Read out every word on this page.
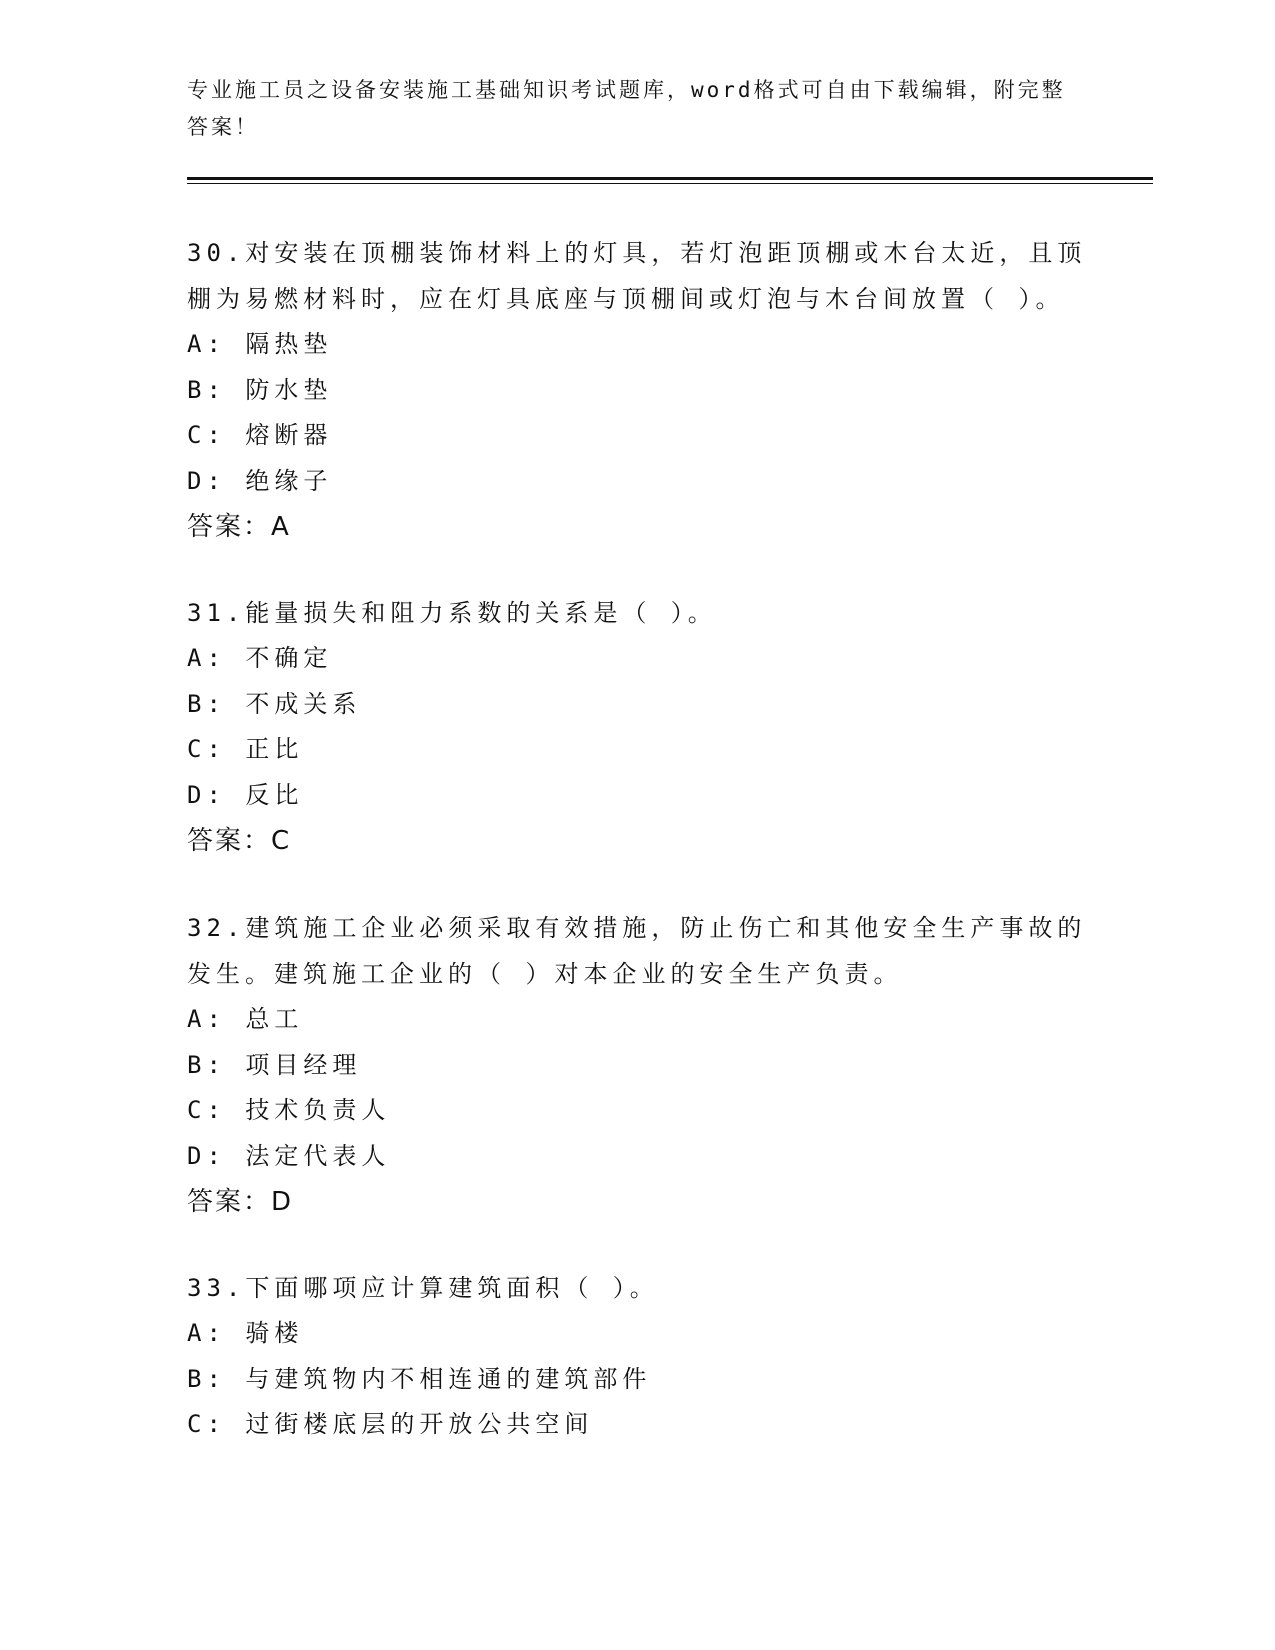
专业施工员之设备安装施工基础知识考试题库，word格式可自由下载编辑，附完整答案！
30.对安装在顶棚装饰材料上的灯具，若灯泡距顶棚或木台太近，且顶棚为易燃材料时，应在灯具底座与顶棚间或灯泡与木台间放置（ ）。
A: 隔热垫
B: 防水垫
C: 熔断器
D: 绝缘子
答案：A
31.能量损失和阻力系数的关系是（ ）。
A: 不确定
B: 不成关系
C: 正比
D: 反比
答案：C
32.建筑施工企业必须采取有效措施，防止伤亡和其他安全生产事故的发生。建筑施工企业的（ ）对本企业的安全生产负责。
A: 总工
B: 项目经理
C: 技术负责人
D: 法定代表人
答案：D
33.下面哪项应计算建筑面积（ ）。
A: 骑楼
B: 与建筑物内不相连通的建筑部件
C: 过街楼底层的开放公共空间
